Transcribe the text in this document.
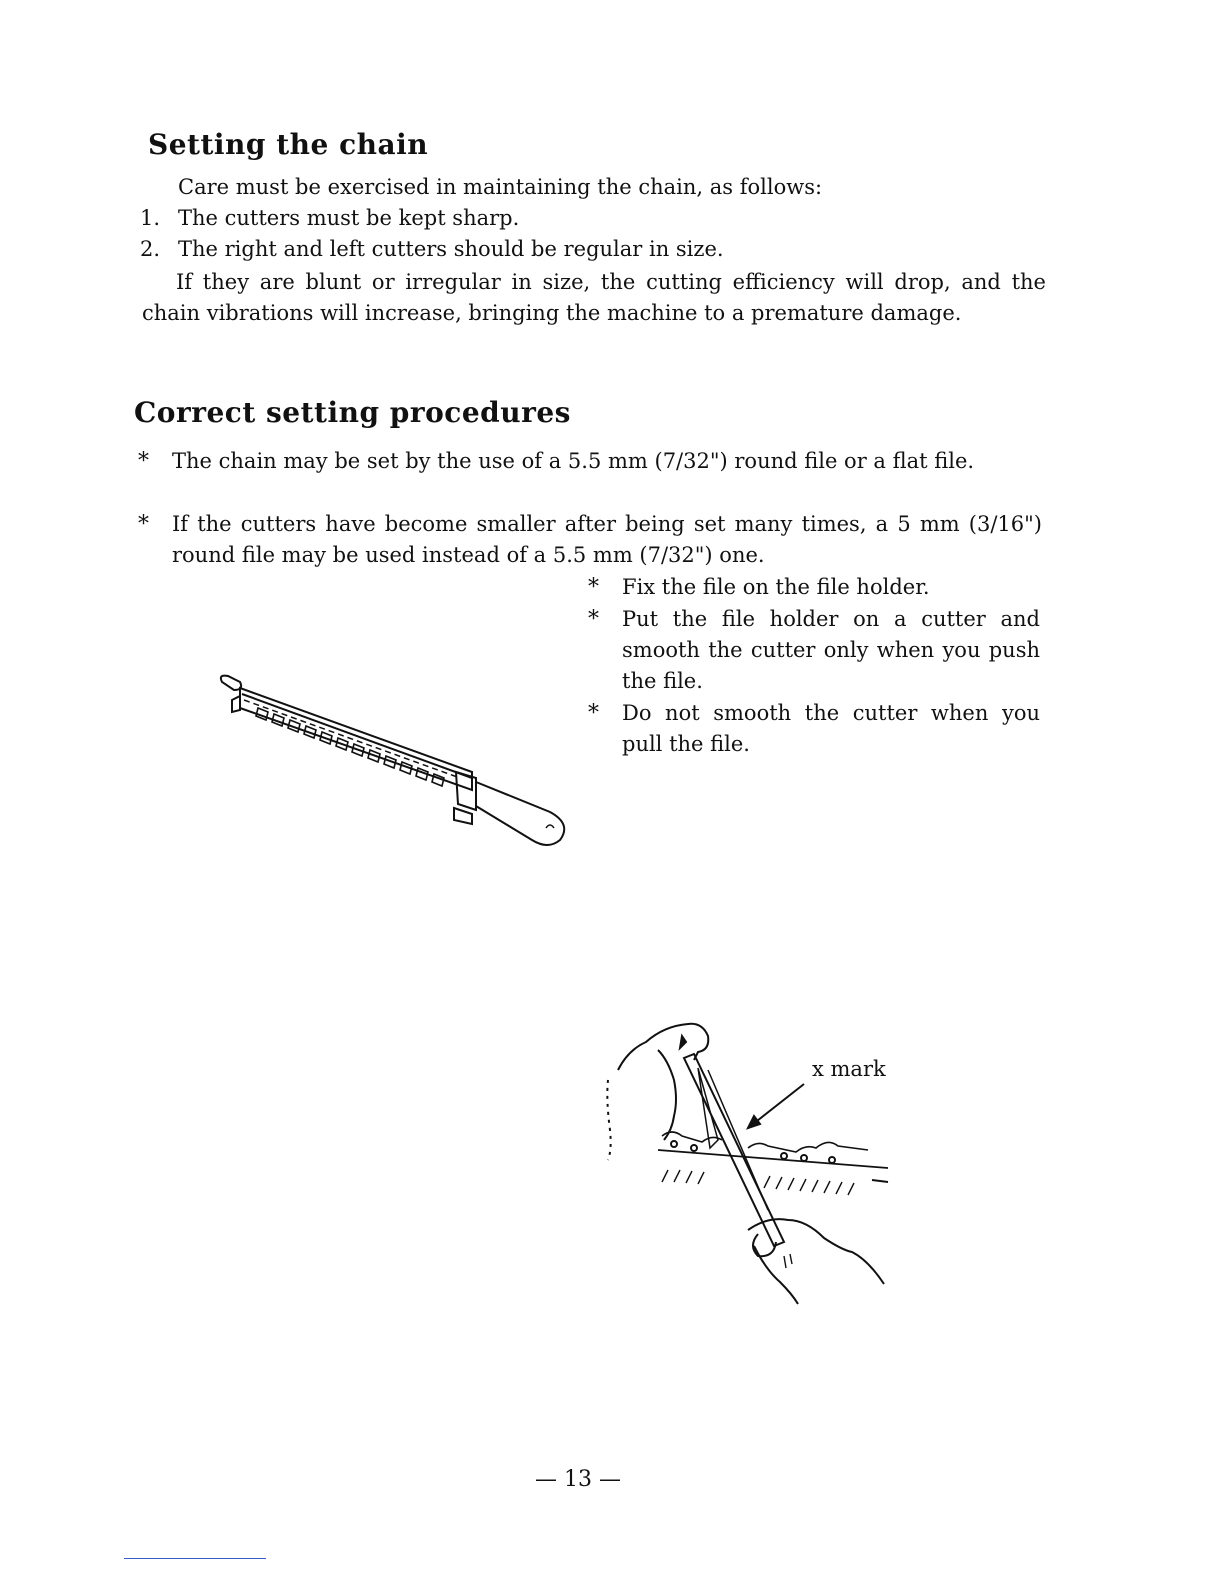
Setting the chain
Care must be exercised in maintaining the chain, as follows:
1. The cutters must be kept sharp.
2. The right and left cutters should be regular in size.
If they are blunt or irregular in size, the cutting efficiency will drop, and the chain vibrations will increase, bringing the machine to a premature damage.
Correct setting procedures
* The chain may be set by the use of a 5.5 mm (7/32") round file or a flat file.
* If the cutters have become smaller after being set many times, a 5 mm (3/16") round file may be used instead of a 5.5 mm (7/32") one.
* Fix the file on the file holder.
* Put the file holder on a cutter and smooth the cutter only when you push the file.
* Do not smooth the cutter when you pull the file.
x mark
— 13 —
